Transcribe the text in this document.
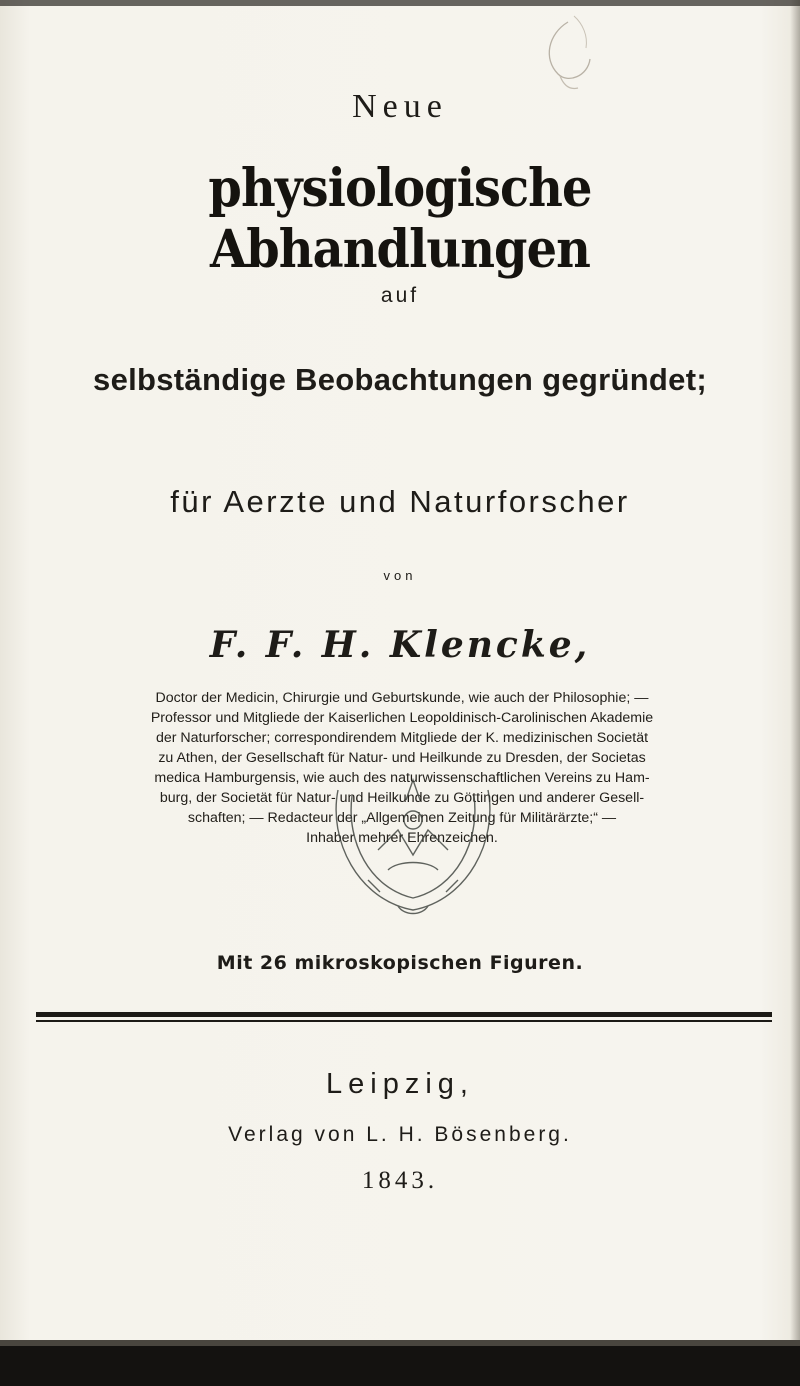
Neue
physiologische Abhandlungen
auf
selbständige Beobachtungen gegründet;
für Aerzte und Naturforscher
von
F. F. H. Klencke,
Doctor der Medicin, Chirurgie und Geburtskunde, wie auch der Philosophie; —
Professor und Mitgliede der Kaiserlichen Leopoldinisch-Carolinischen Akademie
der Naturforscher; correspondirendem Mitgliede der K. medizinischen Societät
zu Athen, der Gesellschaft für Natur- und Heilkunde zu Dresden, der Societas
medica Hamburgensis, wie auch des naturwissenschaftlichen Vereins zu Ham-
burg, der Societät für Natur- und Heilkunde zu Göttingen und anderer Gesell-
schaften; — Redacteur der „Allgemeinen Zeitung für Militärärzte;“ —
Inhaber mehrer Ehrenzeichen.
Mit 26 mikroskopischen Figuren.
Leipzig,
Verlag von L. H. Bösenberg.
1843.
